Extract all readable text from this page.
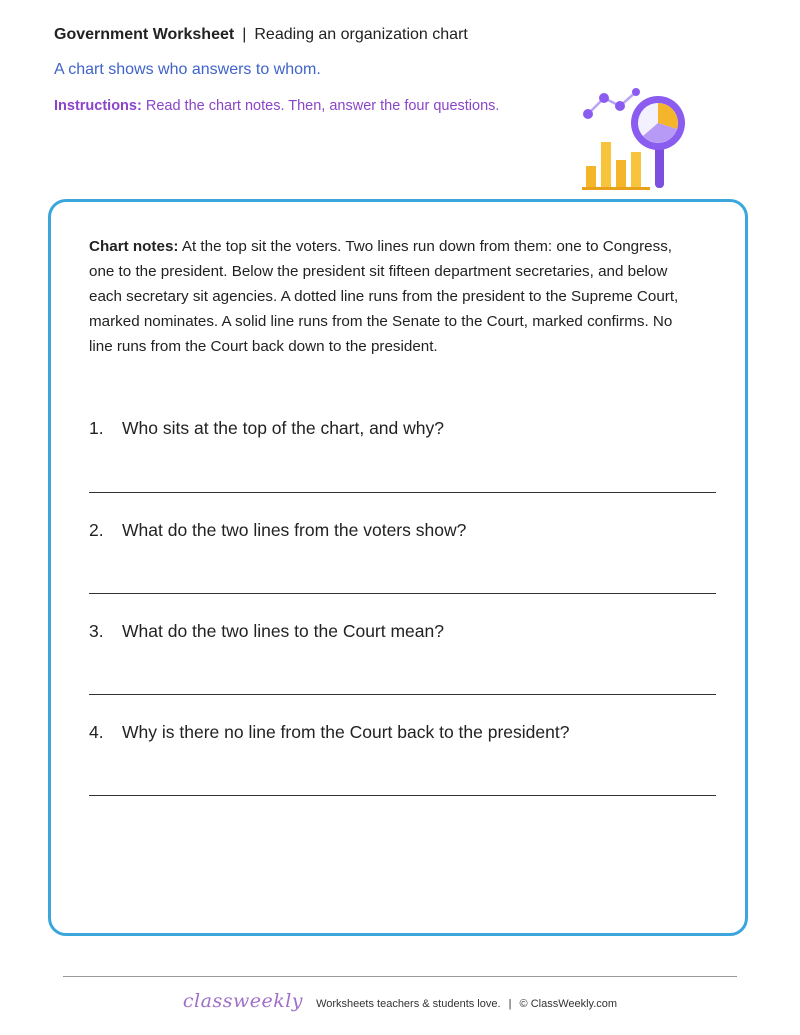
Government Worksheet | Reading an organization chart
A chart shows who answers to whom.
Instructions: Read the chart notes. Then, answer the four questions.
Chart notes: At the top sit the voters. Two lines run down from them: one to Congress, one to the president. Below the president sit fifteen department secretaries, and below each secretary sit agencies. A dotted line runs from the president to the Supreme Court, marked nominates. A solid line runs from the Senate to the Court, marked confirms. No line runs from the Court back down to the president.
1. Who sits at the top of the chart, and why?
2. What do the two lines from the voters show?
3. What do the two lines to the Court mean?
4. Why is there no line from the Court back to the president?
classweekly Worksheets teachers & students love. | © ClassWeekly.com
